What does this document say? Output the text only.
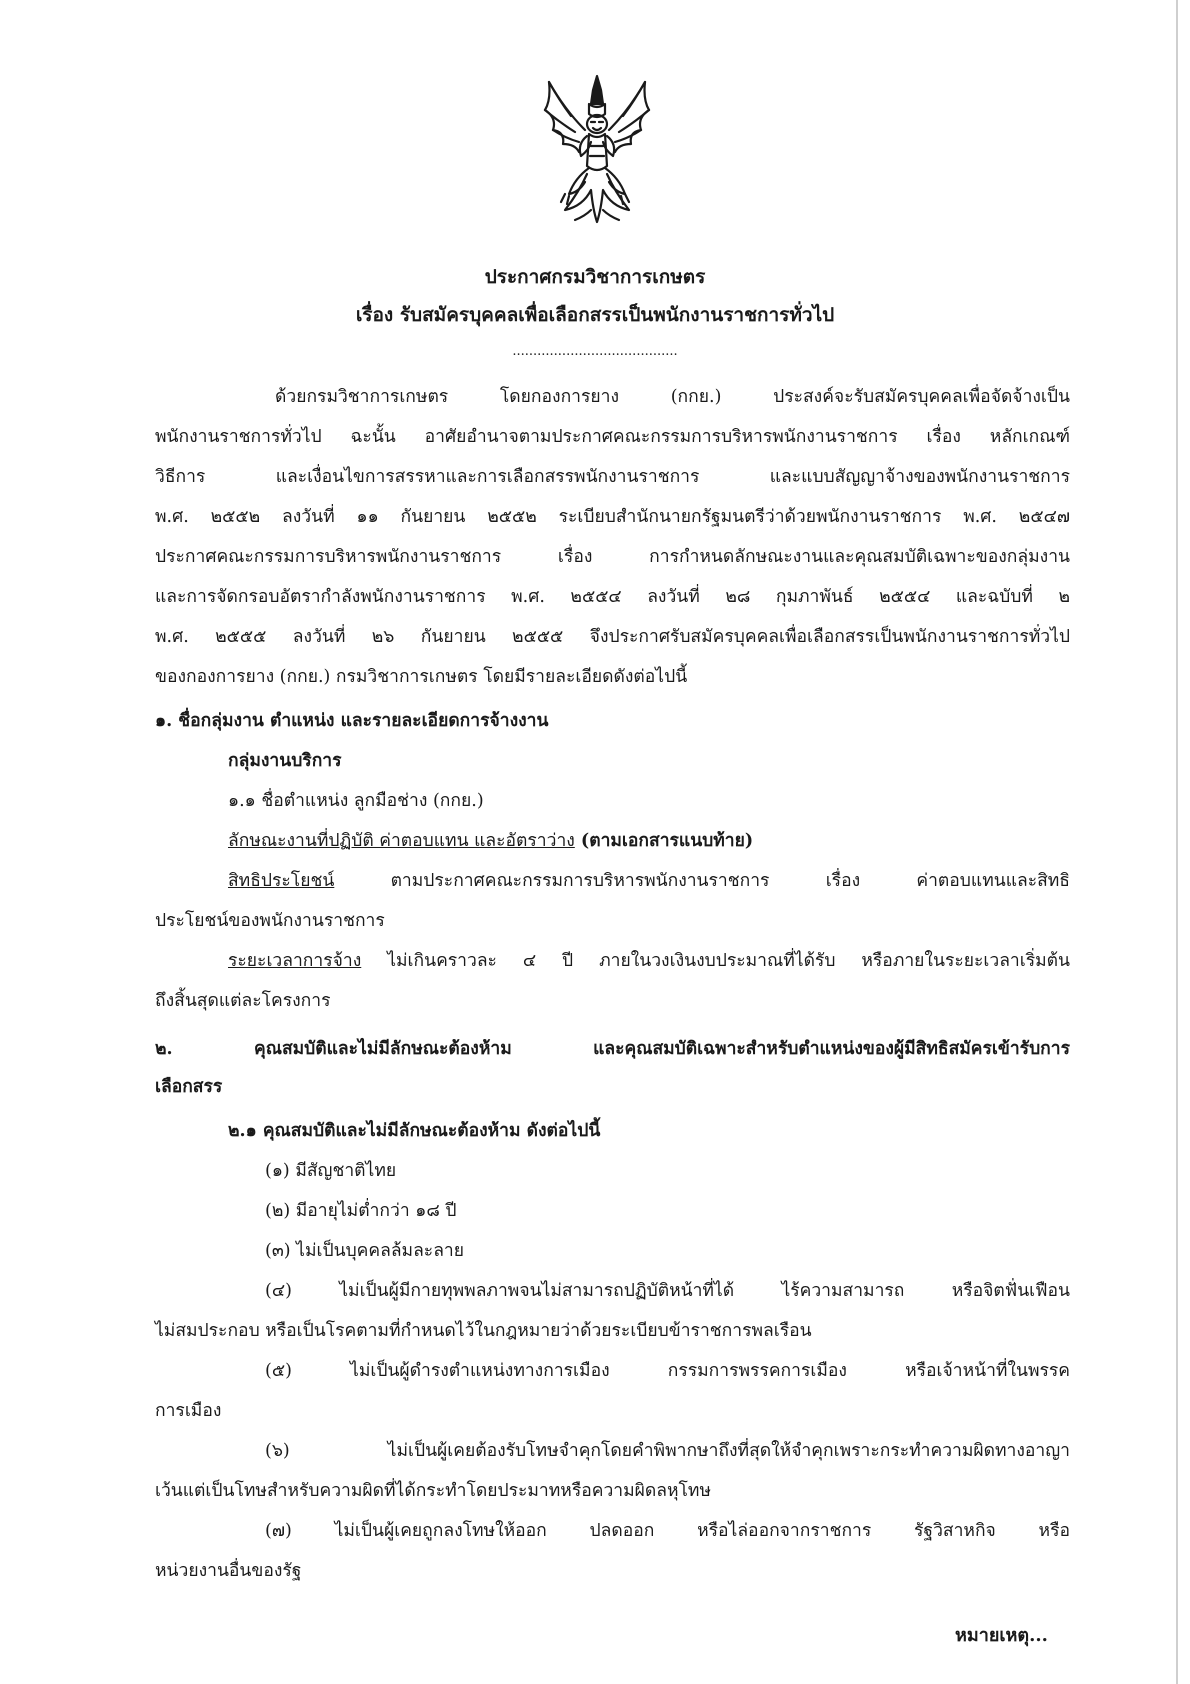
ประกาศกรมวิชาการเกษตร
เรื่อง รับสมัครบุคคลเพื่อเลือกสรรเป็นพนักงานราชการทั่วไป
........................................
ด้วยกรมวิชาการเกษตร โดยกองการยาง (กกย.) ประสงค์จะรับสมัครบุคคลเพื่อจัดจ้างเป็น
พนักงานราชการทั่วไป ฉะนั้น อาศัยอำนาจตามประกาศคณะกรรมการบริหารพนักงานราชการ เรื่อง หลักเกณฑ์
วิธีการ และเงื่อนไขการสรรหาและการเลือกสรรพนักงานราชการ และแบบสัญญาจ้างของพนักงานราชการ
พ.ศ. ๒๕๕๒ ลงวันที่ ๑๑ กันยายน ๒๕๕๒ ระเบียบสำนักนายกรัฐมนตรีว่าด้วยพนักงานราชการ พ.ศ. ๒๕๔๗
ประกาศคณะกรรมการบริหารพนักงานราชการ เรื่อง การกำหนดลักษณะงานและคุณสมบัติเฉพาะของกลุ่มงาน
และการจัดกรอบอัตรากำลังพนักงานราชการ พ.ศ. ๒๕๕๔ ลงวันที่ ๒๘ กุมภาพันธ์ ๒๕๕๔ และฉบับที่ ๒
พ.ศ. ๒๕๕๕ ลงวันที่ ๒๖ กันยายน ๒๕๕๕ จึงประกาศรับสมัครบุคคลเพื่อเลือกสรรเป็นพนักงานราชการทั่วไป
ของกองการยาง (กกย.) กรมวิชาการเกษตร โดยมีรายละเอียดดังต่อไปนี้
๑. ชื่อกลุ่มงาน ตำแหน่ง และรายละเอียดการจ้างงาน
กลุ่มงานบริการ
๑.๑ ชื่อตำแหน่ง ลูกมือช่าง (กกย.)
ลักษณะงานที่ปฏิบัติ ค่าตอบแทน และอัตราว่าง (ตามเอกสารแนบท้าย)
สิทธิประโยชน์ ตามประกาศคณะกรรมการบริหารพนักงานราชการ เรื่อง ค่าตอบแทนและสิทธิ
ประโยชน์ของพนักงานราชการ
ระยะเวลาการจ้าง ไม่เกินคราวละ ๔ ปี ภายในวงเงินงบประมาณที่ได้รับ หรือภายในระยะเวลาเริ่มต้น
ถึงสิ้นสุดแต่ละโครงการ
๒. คุณสมบัติและไม่มีลักษณะต้องห้าม และคุณสมบัติเฉพาะสำหรับตำแหน่งของผู้มีสิทธิสมัครเข้ารับการ
เลือกสรร
๒.๑ คุณสมบัติและไม่มีลักษณะต้องห้าม ดังต่อไปนี้
(๑) มีสัญชาติไทย
(๒) มีอายุไม่ต่ำกว่า ๑๘ ปี
(๓) ไม่เป็นบุคคลล้มละลาย
(๔) ไม่เป็นผู้มีกายทุพพลภาพจนไม่สามารถปฏิบัติหน้าที่ได้ ไร้ความสามารถ หรือจิตฟั่นเฟือน
ไม่สมประกอบ หรือเป็นโรคตามที่กำหนดไว้ในกฎหมายว่าด้วยระเบียบข้าราชการพลเรือน
(๕) ไม่เป็นผู้ดำรงตำแหน่งทางการเมือง กรรมการพรรคการเมือง หรือเจ้าหน้าที่ในพรรค
การเมือง
(๖) ไม่เป็นผู้เคยต้องรับโทษจำคุกโดยคำพิพากษาถึงที่สุดให้จำคุกเพราะกระทำความผิดทางอาญา
เว้นแต่เป็นโทษสำหรับความผิดที่ได้กระทำโดยประมาทหรือความผิดลหุโทษ
(๗) ไม่เป็นผู้เคยถูกลงโทษให้ออก ปลดออก หรือไล่ออกจากราชการ รัฐวิสาหกิจ หรือ
หน่วยงานอื่นของรัฐ
หมายเหตุ...
